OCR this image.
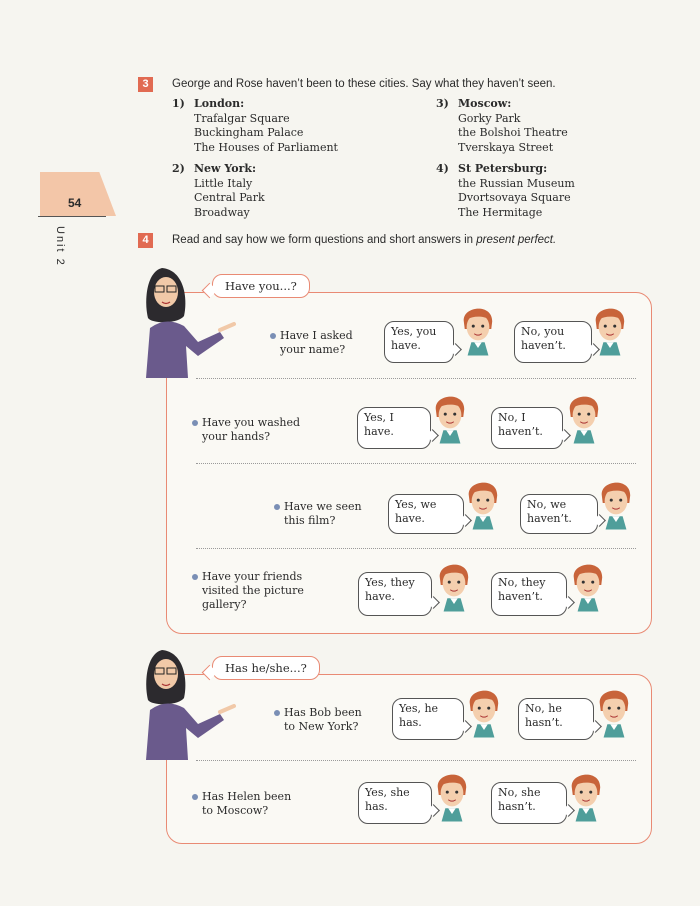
54
Unit 2
3	George and Rose haven’t been to these cities. Say what they haven’t seen.
1) London:
Trafalgar Square
Buckingham Palace
The Houses of Parliament
2) New York:
Little Italy
Central Park
Broadway
3) Moscow:
Gorky Park
the Bolshoi Theatre
Tverskaya Street
4) St Petersburg:
the Russian Museum
Dvortsovaya Square
The Hermitage
4	Read and say how we form questions and short answers in present perfect.
Have you...?
Have I asked
your name?
Yes, you
have.
No, you
haven’t.
Have you washed
your hands?
Yes, I
have.
No, I
haven’t.
Have we seen
this film?
Yes, we
have.
No, we
haven’t.
Have your friends
visited the picture
gallery?
Yes, they
have.
No, they
haven’t.
Has he/she...?
Has Bob been
to New York?
Yes, he
has.
No, he
hasn’t.
Has Helen been
to Moscow?
Yes, she
has.
No, she
hasn’t.
